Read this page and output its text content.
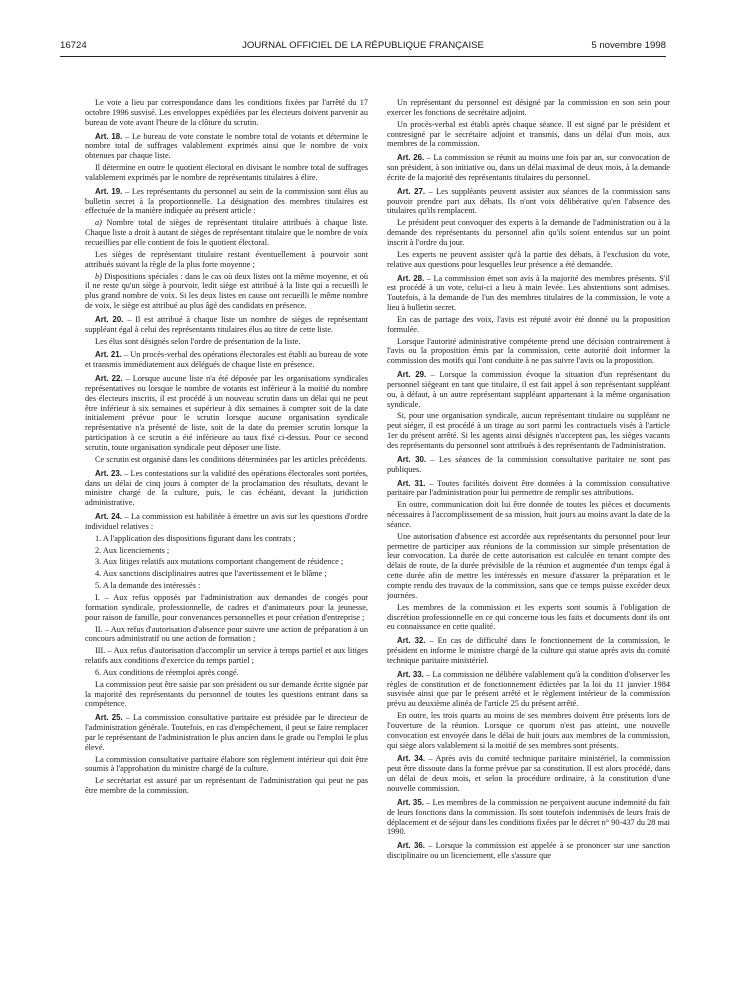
16724	JOURNAL OFFICIEL DE LA RÉPUBLIQUE FRANÇAISE	5 novembre 1998

Le vote a lieu par correspondance dans les conditions fixées par l'arrêté du 17 octobre 1996 susvisé. Les enveloppes expédiées par les électeurs doivent parvenir au bureau de vote avant l'heure de la clôture du scrutin.

Art. 18. – Le bureau de vote constate le nombre total de votants et détermine le nombre total de suffrages valablement exprimés ainsi que le nombre de voix obtenues par chaque liste.

Il détermine en outre le quotient électoral en divisant le nombre total de suffrages valablement exprimés par le nombre de représentants titulaires à élire.

Art. 19. – Les représentants du personnel au sein de la commission sont élus au bulletin secret à la proportionnelle. La désignation des membres titulaires est effectuée de la manière indiquée au présent article :

a) Nombre total de sièges de représentant titulaire attribués à chaque liste. Chaque liste a droit à autant de sièges de représentant titulaire que le nombre de voix recueillies par elle contient de fois le quotient électoral.

Les sièges de représentant titulaire restant éventuellement à pourvoir sont attribués suivant la règle de la plus forte moyenne ;

b) Dispositions spéciales : dans le cas où deux listes ont la même moyenne, et où il ne reste qu'un siège à pourvoir, ledit siège est attribué à la liste qui a recueilli le plus grand nombre de voix. Si les deux listes en cause ont recueilli le même nombre de voix, le siège est attribué au plus âgé des candidats en présence.

Art. 20. – Il est attribué à chaque liste un nombre de sièges de représentant suppléant égal à celui des représentants titulaires élus au titre de cette liste.

Les élus sont désignés selon l'ordre de présentation de la liste.

Art. 21. – Un procès-verbal des opérations électorales est établi au bureau de vote et transmis immédiatement aux délégués de chaque liste en présence.

Art. 22. – Lorsque aucune liste n'a été déposée par les organisations syndicales représentatives ou lorsque le nombre de votants est inférieur à la moitié du nombre des électeurs inscrits, il est procédé à un nouveau scrutin dans un délai qui ne peut être inférieur à six semaines et supérieur à dix semaines à compter soit de la date initialement prévue pour le scrutin lorsque aucune organisation syndicale représentative n'a présenté de liste, soit de la date du premier scrutin lorsque la participation à ce scrutin a été inférieure au taux fixé ci-dessus. Pour ce second scrutin, toute organisation syndicale peut déposer une liste.

Ce scrutin est organisé dans les conditions déterminées par les articles précédents.

Art. 23. – Les contestations sur la validité des opérations électorales sont portées, dans un délai de cinq jours à compter de la proclamation des résultats, devant le ministre chargé de la culture, puis, le cas échéant, devant la juridiction administrative.

Art. 24. – La commission est habilitée à émettre un avis sur les questions d'ordre individuel relatives :

1. A l'application des dispositions figurant dans les contrats ;

2. Aux licenciements ;

3. Aux litiges relatifs aux mutations comportant changement de résidence ;

4. Aux sanctions disciplinaires autres que l'avertissement et le blâme ;

5. A la demande des intéressés :

I. – Aux refus opposés par l'administration aux demandes de congés pour formation syndicale, professionnelle, de cadres et d'animateurs pour la jeunesse, pour raison de famille, pour convenances personnelles et pour création d'entreprise ;

II. – Aux refus d'autorisation d'absence pour suivre une action de préparation à un concours administratif ou une action de formation ;

III. – Aux refus d'autorisation d'accomplir un service à temps partiel et aux litiges relatifs aux conditions d'exercice du temps partiel ;

6. Aux conditions de réemploi après congé.

La commission peut être saisie par son président ou sur demande écrite signée par la majorité des représentants du personnel de toutes les questions entrant dans sa compétence.

Art. 25. – La commission consultative paritaire est présidée par le directeur de l'administration générale. Toutefois, en cas d'empêchement, il peut se faire remplacer par le représentant de l'administration le plus ancien dans le grade ou l'emploi le plus élevé.

La commission consultative paritaire élabore son règlement intérieur qui doit être soumis à l'approbation du ministre chargé de la culture.

Le secrétariat est assuré par un représentant de l'administration qui peut ne pas être membre de la commission.

Un représentant du personnel est désigné par la commission en son sein pour exercer les fonctions de secrétaire adjoint.

Un procès-verbal est établi après chaque séance. Il est signé par le président et contresigné par le secrétaire adjoint et transmis, dans un délai d'un mois, aux membres de la commission.

Art. 26. – La commission se réunit au moins une fois par an, sur convocation de son président, à son initiative ou, dans un délai maximal de deux mois, à la demande écrite de la majorité des représentants titulaires du personnel.

Art. 27. – Les suppléants peuvent assister aux séances de la commission sans pouvoir prendre part aux débats. Ils n'ont voix délibérative qu'en l'absence des titulaires qu'ils remplacent.

Le président peut convoquer des experts à la demande de l'administration ou à la demande des représentants du personnel afin qu'ils soient entendus sur un point inscrit à l'ordre du jour.

Les experts ne peuvent assister qu'à la partie des débats, à l'exclusion du vote, relative aux questions pour lesquelles leur présence a été demandée.

Art. 28. – La commission émet son avis à la majorité des membres présents. S'il est procédé à un vote, celui-ci a lieu à main levée. Les abstentions sont admises. Toutefois, à la demande de l'un des membres titulaires de la commission, le vote a lieu à bulletin secret.

En cas de partage des voix, l'avis est réputé avoir été donné ou la proposition formulée.

Lorsque l'autorité administrative compétente prend une décision contrairement à l'avis ou la proposition émis par la commission, cette autorité doit informer la commission des motifs qui l'ont conduite à ne pas suivre l'avis ou la proposition.

Art. 29. – Lorsque la commission évoque la situation d'un représentant du personnel siégeant en tant que titulaire, il est fait appel à son représentant suppléant ou, à défaut, à un autre représentant suppléant appartenant à la même organisation syndicale.

Si, pour une organisation syndicale, aucun représentant titulaire ou suppléant ne peut siéger, il est procédé à un tirage au sort parmi les contractuels visés à l'article 1er du présent arrêté. Si les agents ainsi désignés n'acceptent pas, les sièges vacants des représentants du personnel sont attribués à des représentants de l'administration.

Art. 30. – Les séances de la commission consultative paritaire ne sont pas publiques.

Art. 31. – Toutes facilités doivent être données à la commission consultative paritaire par l'administration pour lui permettre de remplir ses attributions.

En outre, communication doit lui être donnée de toutes les pièces et documents nécessaires à l'accomplissement de sa mission, huit jours au moins avant la date de la séance.

Une autorisation d'absence est accordée aux représentants du personnel pour leur permettre de participer aux réunions de la commission sur simple présentation de leur convocation. La durée de cette autorisation est calculée en tenant compte des délais de route, de la durée prévisible de la réunion et augmentée d'un temps égal à cette durée afin de mettre les intéressés en mesure d'assurer la préparation et le compte rendu des travaux de la commission, sans que ce temps puisse excéder deux journées.

Les membres de la commission et les experts sont soumis à l'obligation de discrétion professionnelle en ce qui concerne tous les faits et documents dont ils ont eu connaissance en cette qualité.

Art. 32. – En cas de difficulté dans le fonctionnement de la commission, le président en informe le ministre chargé de la culture qui statue après avis du comité technique paritaire ministériel.

Art. 33. – La commission ne délibère valablement qu'à la condition d'observer les règles de constitution et de fonctionnement édictées par la loi du 11 janvier 1984 susvisée ainsi que par le présent arrêté et le règlement intérieur de la commission prévu au deuxième alinéa de l'article 25 du présent arrêté.

En outre, les trois quarts au moins de ses membres doivent être présents lors de l'ouverture de la réunion. Lorsque ce quorum n'est pas atteint, une nouvelle convocation est envoyée dans le délai de huit jours aux membres de la commission, qui siège alors valablement si la moitié de ses membres sont présents.

Art. 34. – Après avis du comité technique paritaire ministériel, la commission peut être dissoute dans la forme prévue par sa constitution. Il est alors procédé, dans un délai de deux mois, et selon la procédure ordinaire, à la constitution d'une nouvelle commission.

Art. 35. – Les membres de la commission ne perçoivent aucune indemnité du fait de leurs fonctions dans la commission. Ils sont toutefois indemnisés de leurs frais de déplacement et de séjour dans les conditions fixées par le décret n° 90-437 du 28 mai 1990.

Art. 36. – Lorsque la commission est appelée à se prononcer sur une sanction disciplinaire ou un licenciement, elle s'assure que
